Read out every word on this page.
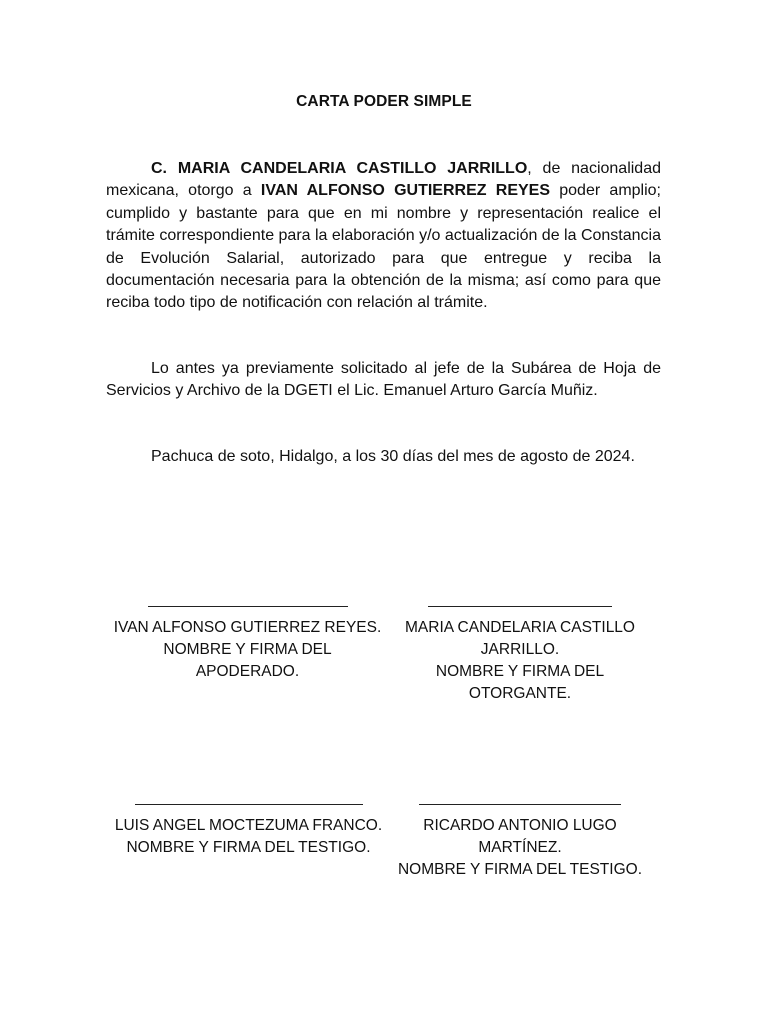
CARTA PODER SIMPLE
C. MARIA CANDELARIA CASTILLO JARRILLO, de nacionalidad mexicana, otorgo a IVAN ALFONSO GUTIERREZ REYES poder amplio; cumplido y bastante para que en mi nombre y representación realice el trámite correspondiente para la elaboración y/o actualización de la Constancia de Evolución Salarial, autorizado para que entregue y reciba la documentación necesaria para la obtención de la misma; así como para que reciba todo tipo de notificación con relación al trámite.
Lo antes ya previamente solicitado al jefe de la Subárea de Hoja de Servicios y Archivo de la DGETI el Lic. Emanuel Arturo García Muñiz.
Pachuca de soto, Hidalgo, a los 30 días del mes de agosto de 2024.
IVAN ALFONSO GUTIERREZ REYES.
NOMBRE Y FIRMA DEL
APODERADO.
MARIA CANDELARIA CASTILLO
JARRILLO.
NOMBRE Y FIRMA DEL
OTORGANTE.
LUIS ANGEL MOCTEZUMA FRANCO.
NOMBRE Y FIRMA DEL TESTIGO.
RICARDO ANTONIO LUGO
MARTÍNEZ.
NOMBRE Y FIRMA DEL TESTIGO.
